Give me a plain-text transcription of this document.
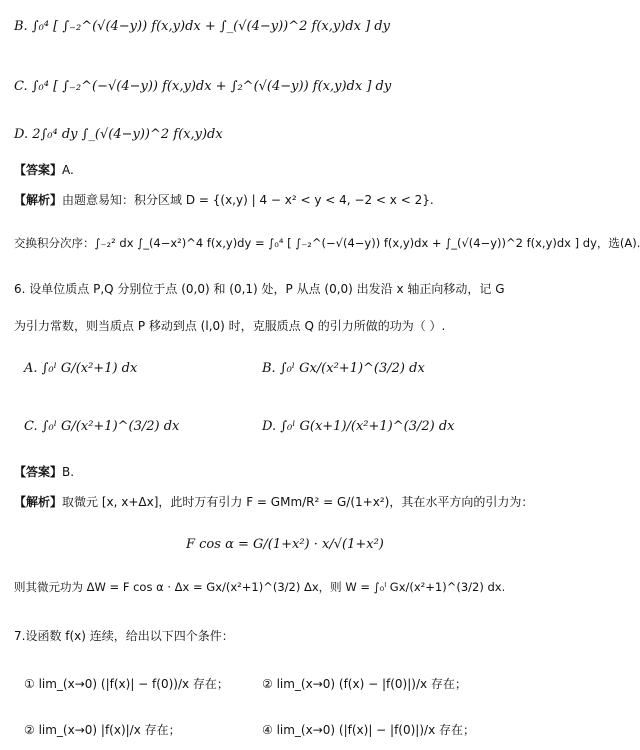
B. ∫₀⁴ [ ∫₋₂^(√(4−y)) f(x,y)dx + ∫_(√(4−y))^2 f(x,y)dx ] dy
C. ∫₀⁴ [ ∫₋₂^(−√(4−y)) f(x,y)dx + ∫₂^(√(4−y)) f(x,y)dx ] dy
D. 2∫₀⁴ dy ∫_(√(4−y))^2 f(x,y)dx
【答案】A.
【解析】由题意易知：积分区域 D = {(x,y) | 4 − x² < y < 4, −2 < x < 2}.
交换积分次序：∫₋₂² dx ∫_(4−x²)^4 f(x,y)dy = ∫₀⁴ [ ∫₋₂^(−√(4−y)) f(x,y)dx + ∫_(√(4−y))^2 f(x,y)dx ] dy，选(A).
6. 设单位质点 P,Q 分别位于点 (0,0) 和 (0,1) 处，P 从点 (0,0) 出发沿 x 轴正向移动，记 G
为引力常数，则当质点 P 移动到点 (l,0) 时，克服质点 Q 的引力所做的功为（ ）.
A. ∫₀ˡ G/(x²+1) dx	B. ∫₀ˡ Gx/(x²+1)^(3/2) dx
C. ∫₀ˡ G/(x²+1)^(3/2) dx	D. ∫₀ˡ G(x+1)/(x²+1)^(3/2) dx
【答案】B.
【解析】取微元 [x, x+Δx]，此时万有引力 F = GMm/R² = G/(1+x²)，其在水平方向的引力为：
F cos α = G/(1+x²) · x/√(1+x²)
则其微元功为 ΔW = F cos α · Δx = Gx/(x²+1)^(3/2) Δx，则 W = ∫₀ˡ Gx/(x²+1)^(3/2) dx.
7.设函数 f(x) 连续，给出以下四个条件：
① lim_(x→0) (|f(x)| − f(0))/x 存在；	② lim_(x→0) (f(x) − |f(0)|)/x 存在；
② lim_(x→0) |f(x)|/x 存在；	④ lim_(x→0) (|f(x)| − |f(0)|)/x 存在；
